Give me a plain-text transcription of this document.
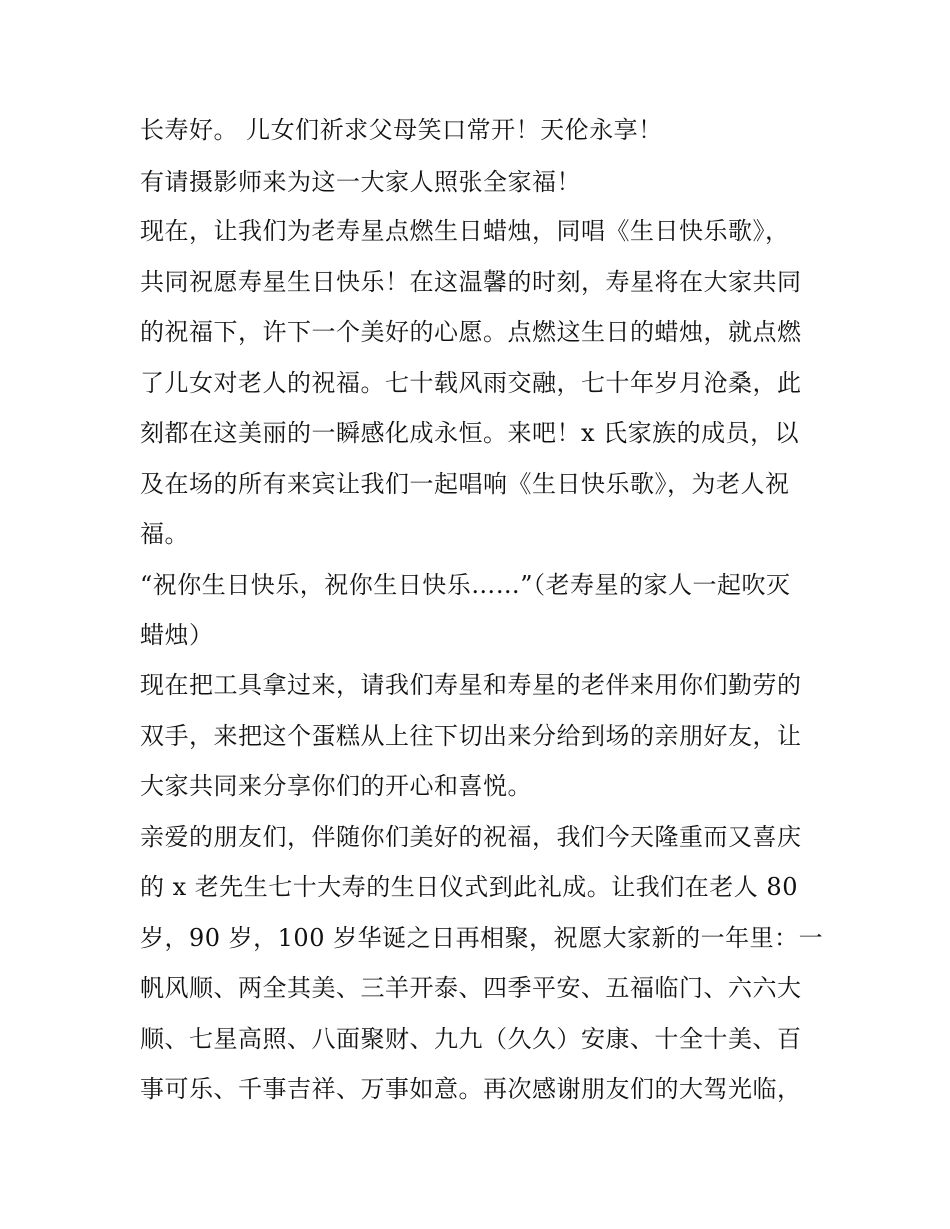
长寿好。 儿女们祈求父母笑口常开！天伦永享！
有请摄影师来为这一大家人照张全家福！
现在，让我们为老寿星点燃生日蜡烛，同唱《生日快乐歌》，
共同祝愿寿星生日快乐！在这温馨的时刻，寿星将在大家共同
的祝福下，许下一个美好的心愿。点燃这生日的蜡烛，就点燃
了儿女对老人的祝福。七十载风雨交融，七十年岁月沧桑，此
刻都在这美丽的一瞬感化成永恒。来吧！x 氏家族的成员，以
及在场的所有来宾让我们一起唱响《生日快乐歌》，为老人祝
福。
“祝你生日快乐，祝你生日快乐……”（老寿星的家人一起吹灭
蜡烛）
现在把工具拿过来，请我们寿星和寿星的老伴来用你们勤劳的
双手，来把这个蛋糕从上往下切出来分给到场的亲朋好友，让
大家共同来分享你们的开心和喜悦。
亲爱的朋友们，伴随你们美好的祝福，我们今天隆重而又喜庆
的 x 老先生七十大寿的生日仪式到此礼成。让我们在老人 80
岁，90 岁，100 岁华诞之日再相聚，祝愿大家新的一年里：一
帆风顺、两全其美、三羊开泰、四季平安、五福临门、六六大
顺、七星高照、八面聚财、九九（久久）安康、十全十美、百
事可乐、千事吉祥、万事如意。再次感谢朋友们的大驾光临，
